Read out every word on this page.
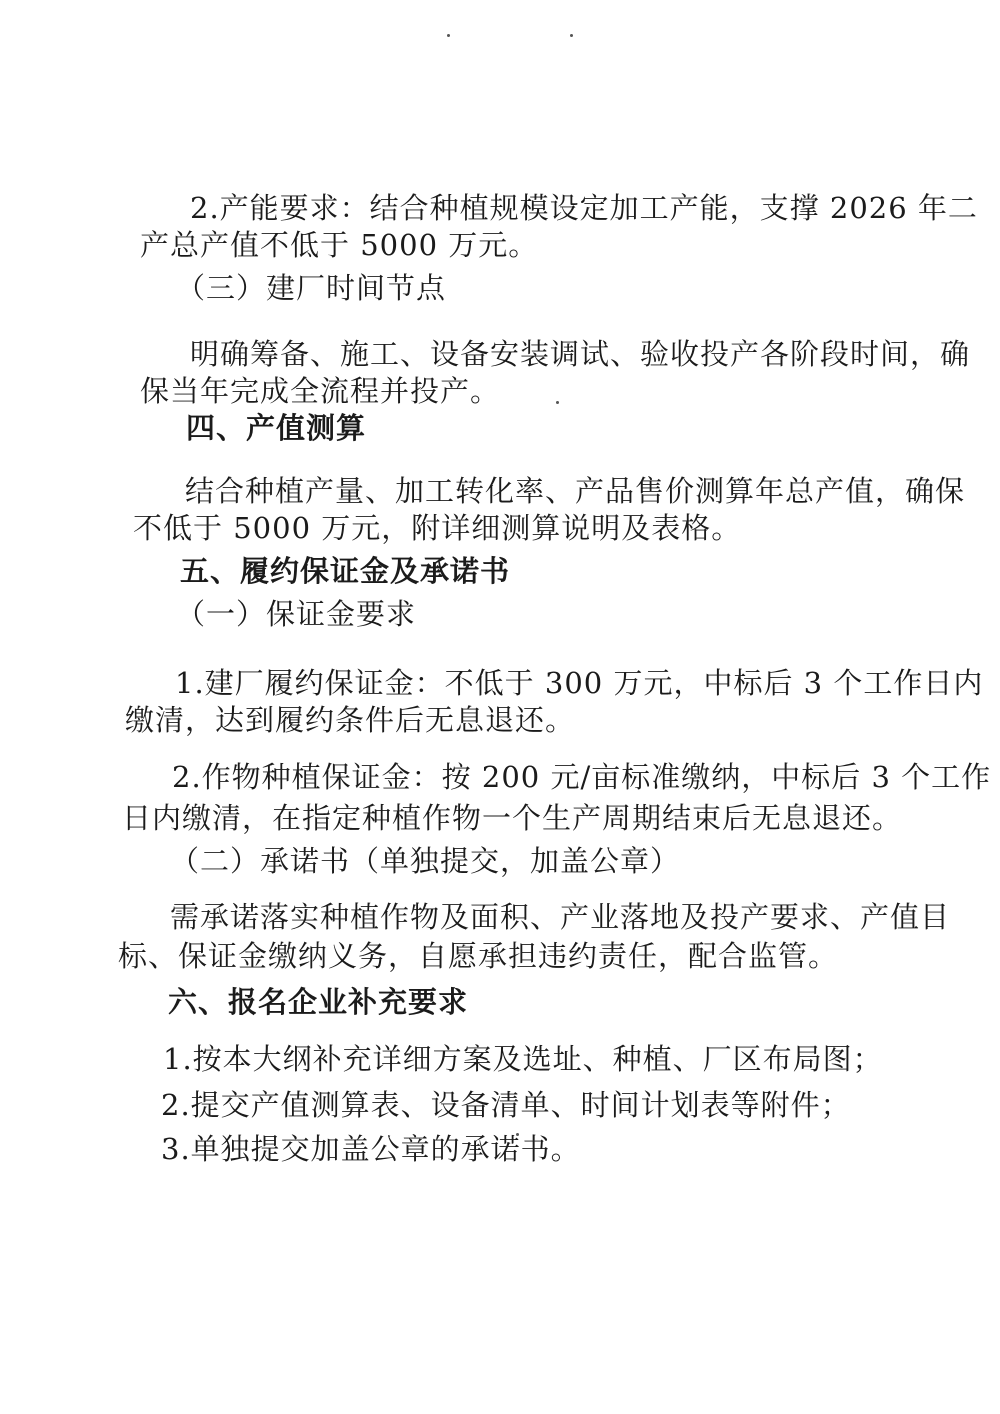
2.产能要求：结合种植规模设定加工产能，支撑 2026 年二
产总产值不低于 5000 万元。
（三）建厂时间节点
明确筹备、施工、设备安装调试、验收投产各阶段时间，确
保当年完成全流程并投产。
四、产值测算
结合种植产量、加工转化率、产品售价测算年总产值，确保
不低于 5000 万元，附详细测算说明及表格。
五、履约保证金及承诺书
（一）保证金要求
1.建厂履约保证金：不低于 300 万元，中标后 3 个工作日内
缴清，达到履约条件后无息退还。
2.作物种植保证金：按 200 元/亩标准缴纳，中标后 3 个工作
日内缴清，在指定种植作物一个生产周期结束后无息退还。
（二）承诺书（单独提交，加盖公章）
需承诺落实种植作物及面积、产业落地及投产要求、产值目
标、保证金缴纳义务，自愿承担违约责任，配合监管。
六、报名企业补充要求
1.按本大纲补充详细方案及选址、种植、厂区布局图；
2.提交产值测算表、设备清单、时间计划表等附件；
3.单独提交加盖公章的承诺书。
